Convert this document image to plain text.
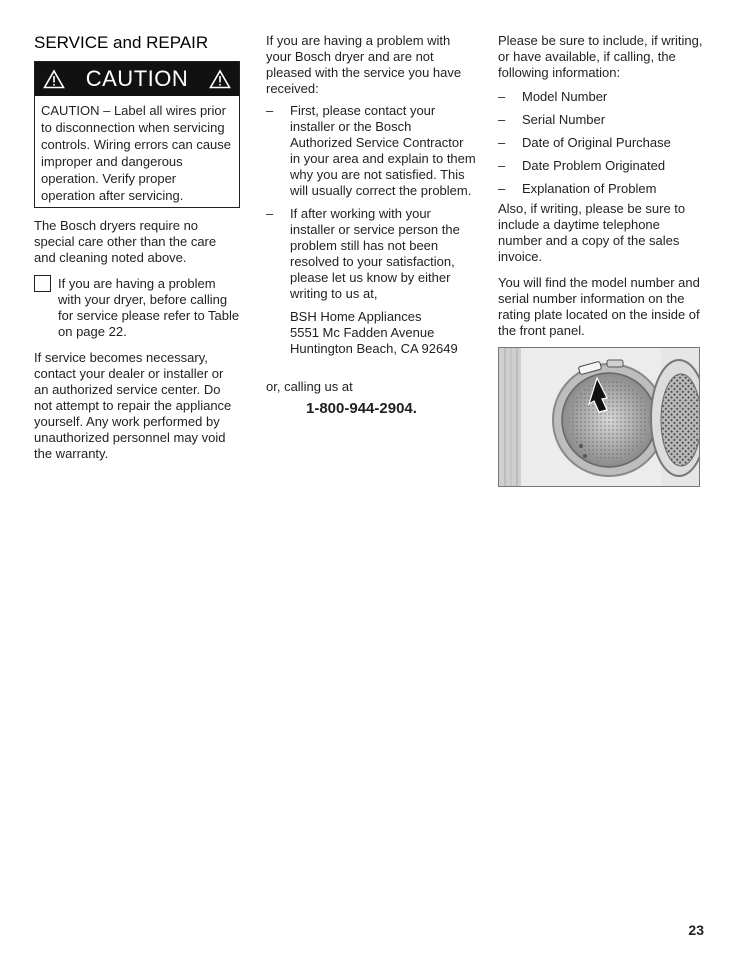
SERVICE and REPAIR
CAUTION
CAUTION – Label all wires prior to disconnection when servicing controls. Wiring errors can cause improper and dangerous operation. Verify proper operation after servicing.

The Bosch dryers require no special care other than the care and cleaning noted above.

If you are having a problem with your dryer, before calling for service please refer to Table on page 22.

If service becomes necessary, contact your dealer or installer or an authorized service center. Do not attempt to repair the appliance yourself. Any work performed by unauthorized personnel may void the warranty.

If you are having a problem with your Bosch dryer and are not pleased with the service you have received:

– First, please contact your installer or the Bosch Authorized Service Contractor in your area and explain to them why you are not satisfied. This will usually correct the problem.
– If after working with your installer or service person the problem still has not been resolved to your satisfaction, please let us know by either writing to us at,
BSH Home Appliances
5551 Mc Fadden Avenue
Huntington Beach, CA 92649
or, calling us at
1-800-944-2904.

Please be sure to include, if writing, or have available, if calling, the following information:

– Model Number
– Serial Number
– Date of Original Purchase
– Date Problem Originated
– Explanation of Problem

Also, if writing, please be sure to include a daytime telephone number and a copy of the sales invoice.

You will find the model number and serial number information on the rating plate located on the inside of the front panel.

23
